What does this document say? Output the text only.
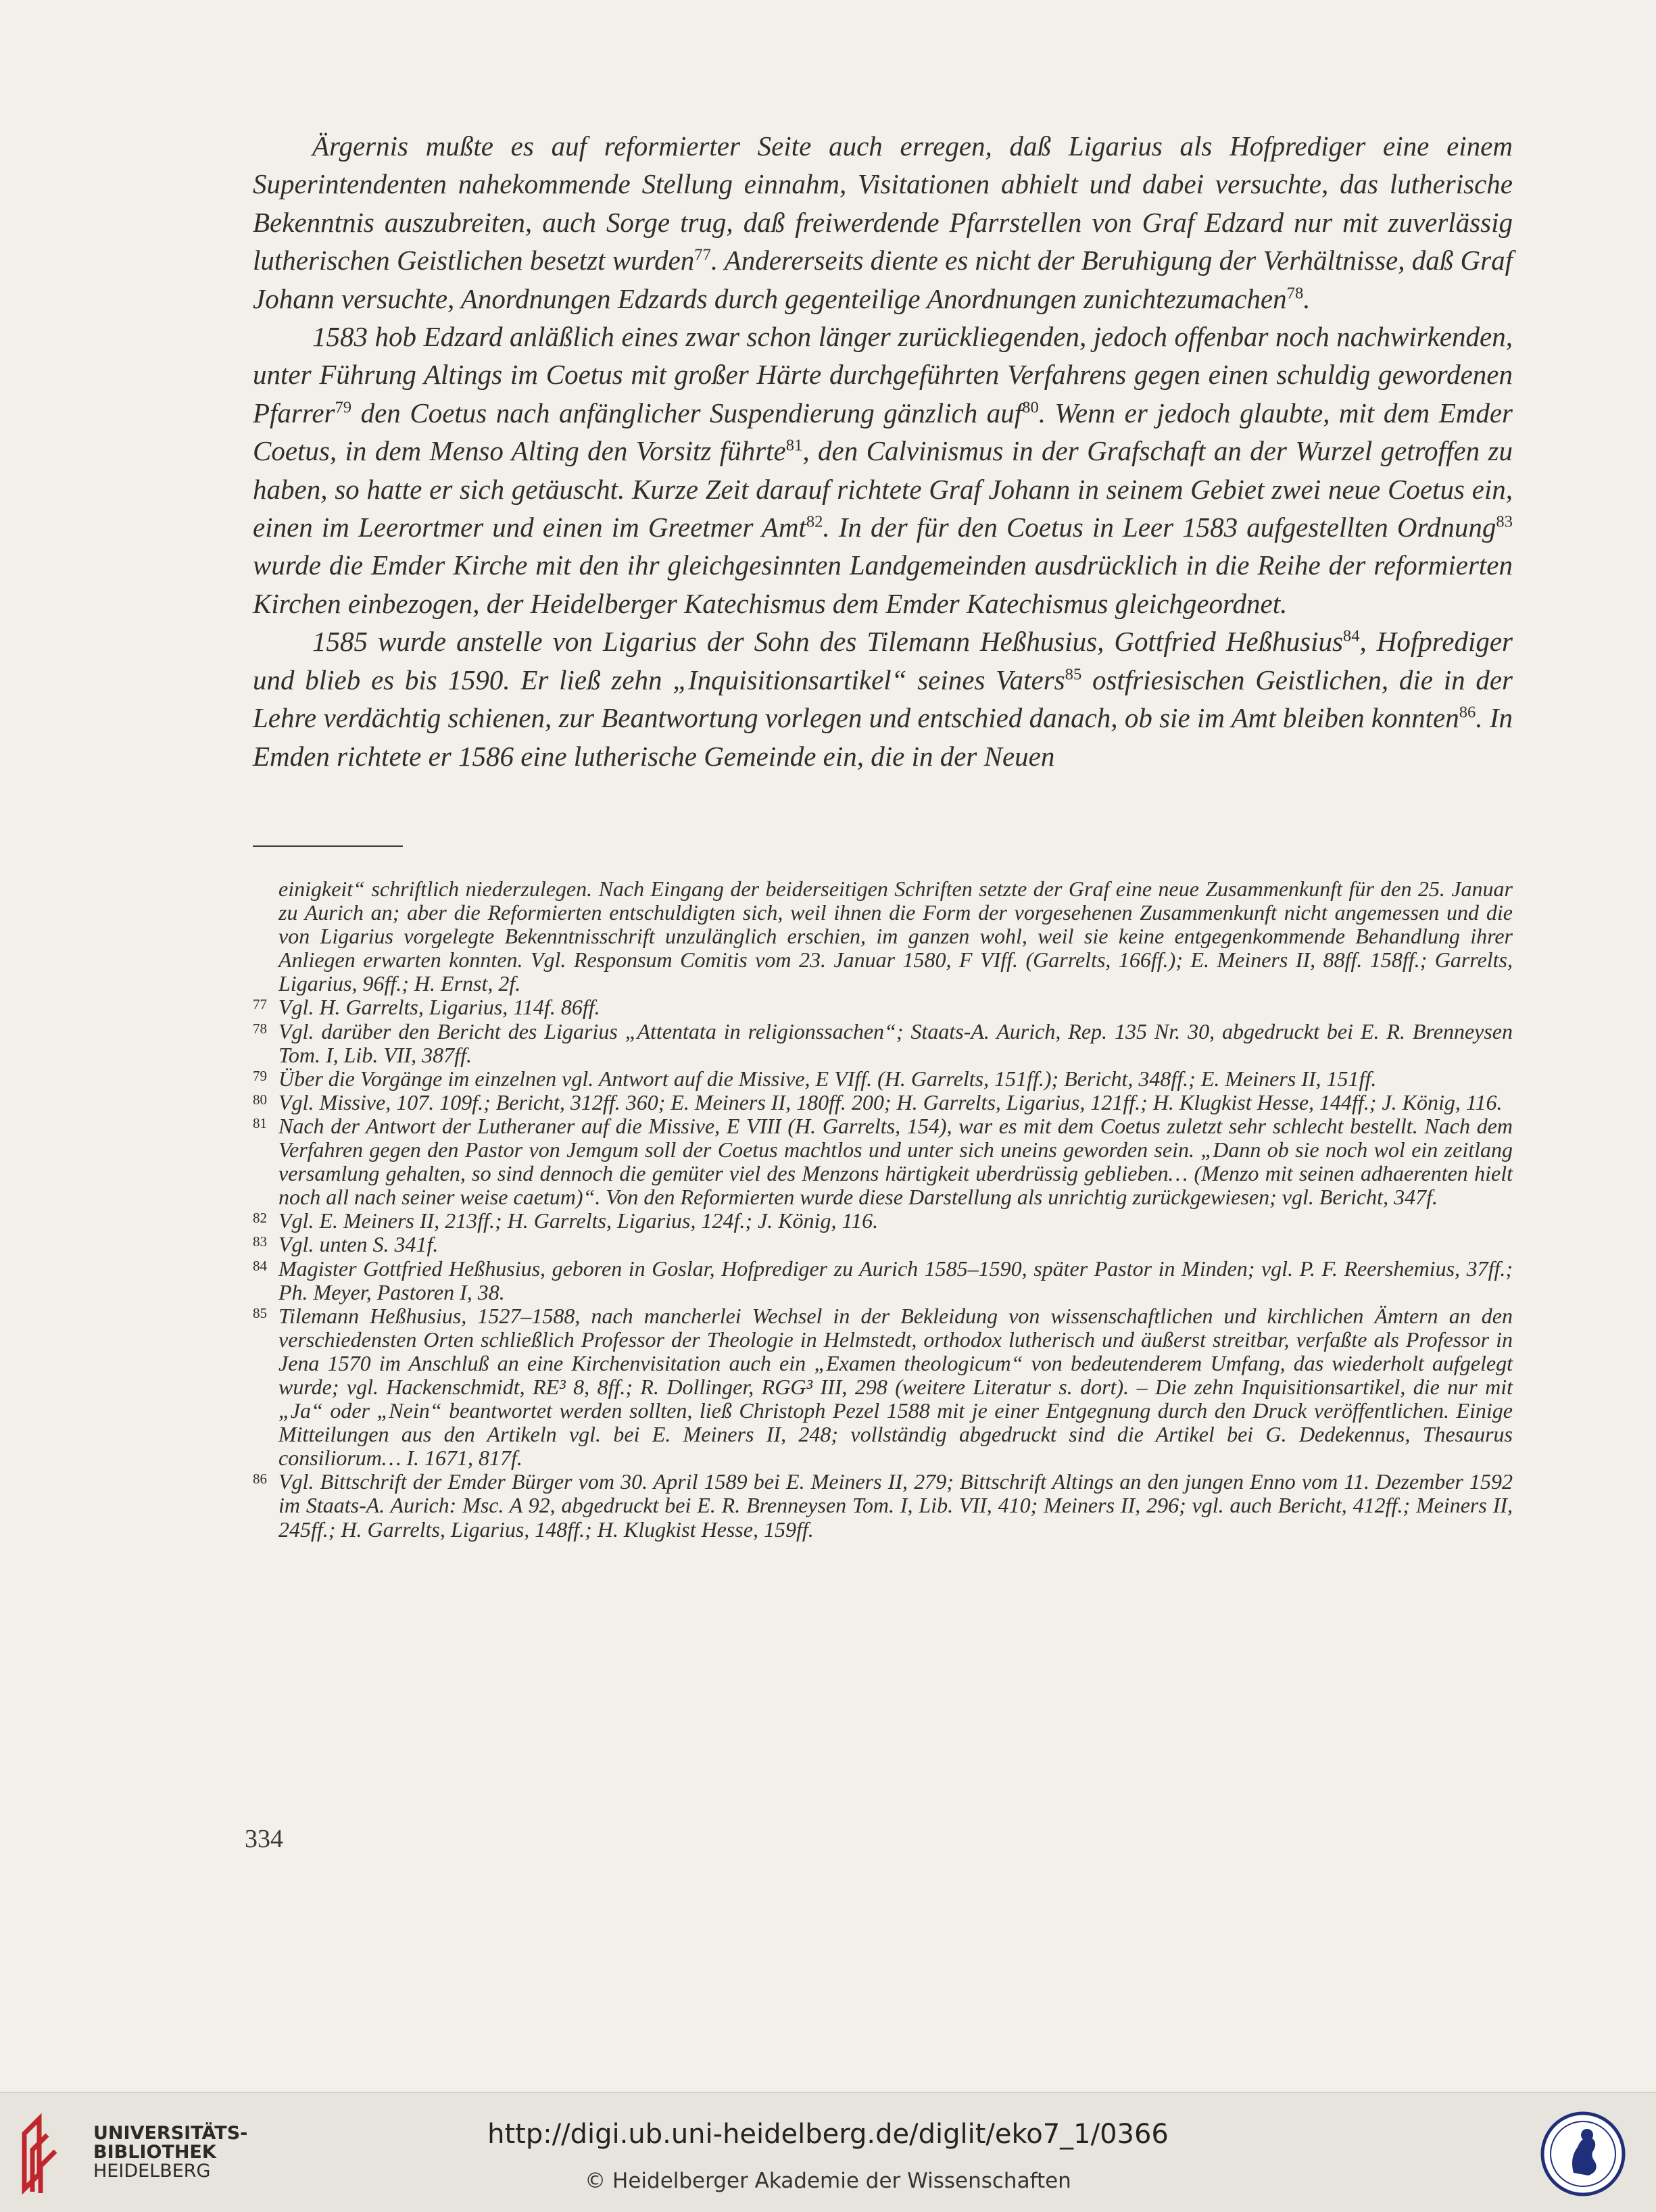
Ärgernis mußte es auf reformierter Seite auch erregen, daß Ligarius als Hofprediger eine einem Superintendenten nahekommende Stellung einnahm, Visitationen abhielt und dabei versuchte, das lutherische Bekenntnis auszubreiten, auch Sorge trug, daß freiwerdende Pfarrstellen von Graf Edzard nur mit zuverlässig lutherischen Geistlichen besetzt wurden$^{77}$. Andererseits diente es nicht der Beruhigung der Verhältnisse, daß Graf Johann versuchte, Anordnungen Edzards durch gegenteilige Anordnungen zunichtezumachen$^{78}$.

1583 hob Edzard anläßlich eines zwar schon länger zurückliegenden, jedoch offenbar noch nachwirkenden, unter Führung Altings im Coetus mit großer Härte durchgeführten Verfahrens gegen einen schuldig gewordenen Pfarrer$^{79}$ den Coetus nach anfänglicher Suspendierung gänzlich auf$^{80}$. Wenn er jedoch glaubte, mit dem Emder Coetus, in dem Menso Alting den Vorsitz führte$^{81}$, den Calvinismus in der Grafschaft an der Wurzel getroffen zu haben, so hatte er sich getäuscht. Kurze Zeit darauf richtete Graf Johann in seinem Gebiet zwei neue Coetus ein, einen im Leerortmer und einen im Greetmer Amt$^{82}$. In der für den Coetus in Leer 1583 aufgestellten Ordnung$^{83}$ wurde die Emder Kirche mit den ihr gleichgesinnten Landgemeinden ausdrücklich in die Reihe der reformierten Kirchen einbezogen, der Heidelberger Katechismus dem Emder Katechismus gleichgeordnet.

1585 wurde anstelle von Ligarius der Sohn des Tilemann Heßhusius, Gottfried Heßhusius$^{84}$, Hofprediger und blieb es bis 1590. Er ließ zehn „Inquisitionsartikel“ seines Vaters$^{85}$ ostfriesischen Geistlichen, die in der Lehre verdächtig schienen, zur Beantwortung vorlegen und entschied danach, ob sie im Amt bleiben konnten$^{86}$. In Emden richtete er 1586 eine lutherische Gemeinde ein, die in der Neuen

einigkeit“ schriftlich niederzulegen. Nach Eingang der beiderseitigen Schriften setzte der Graf eine neue Zusammenkunft für den 25. Januar zu Aurich an; aber die Reformierten entschuldigten sich, weil ihnen die Form der vorgesehenen Zusammenkunft nicht angemessen und die von Ligarius vorgelegte Bekenntnisschrift unzulänglich erschien, im ganzen wohl, weil sie keine entgegenkommende Behandlung ihrer Anliegen erwarten konnten. Vgl. Responsum Comitis vom 23. Januar 1580, F VIff. (Garrelts, 166ff.); E. Meiners II, 88ff. 158ff.; Garrelts, Ligarius, 96ff.; H. Ernst, 2f.

77 Vgl. H. Garrelts, Ligarius, 114f. 86ff.

78 Vgl. darüber den Bericht des Ligarius „Attentata in religionssachen“; Staats-A. Aurich, Rep. 135 Nr. 30, abgedruckt bei E. R. Brenneysen Tom. I, Lib. VII, 387ff.

79 Über die Vorgänge im einzelnen vgl. Antwort auf die Missive, E VIff. (H. Garrelts, 151ff.); Bericht, 348ff.; E. Meiners II, 151ff.

80 Vgl. Missive, 107. 109f.; Bericht, 312ff. 360; E. Meiners II, 180ff. 200; H. Garrelts, Ligarius, 121ff.; H. Klugkist Hesse, 144ff.; J. König, 116.

81 Nach der Antwort der Lutheraner auf die Missive, E VIII (H. Garrelts, 154), war es mit dem Coetus zuletzt sehr schlecht bestellt. Nach dem Verfahren gegen den Pastor von Jemgum soll der Coetus machtlos und unter sich uneins geworden sein. „Dann ob sie noch wol ein zeitlang versamlung gehalten, so sind dennoch die gemüter viel des Menzons härtigkeit uberdrüssig geblieben… (Menzo mit seinen adhaerenten hielt noch all nach seiner weise caetum)“. Von den Reformierten wurde diese Darstellung als unrichtig zurückgewiesen; vgl. Bericht, 347f.

82 Vgl. E. Meiners II, 213ff.; H. Garrelts, Ligarius, 124f.; J. König, 116.

83 Vgl. unten S. 341f.

84 Magister Gottfried Heßhusius, geboren in Goslar, Hofprediger zu Aurich 1585–1590, später Pastor in Minden; vgl. P. F. Reershemius, 37ff.; Ph. Meyer, Pastoren I, 38.

85 Tilemann Heßhusius, 1527–1588, nach mancherlei Wechsel in der Bekleidung von wissenschaftlichen und kirchlichen Ämtern an den verschiedensten Orten schließlich Professor der Theologie in Helmstedt, orthodox lutherisch und äußerst streitbar, verfaßte als Professor in Jena 1570 im Anschluß an eine Kirchenvisitation auch ein „Examen theologicum“ von bedeutenderem Umfang, das wiederholt aufgelegt wurde; vgl. Hackenschmidt, RE³ 8, 8ff.; R. Dollinger, RGG³ III, 298 (weitere Literatur s. dort). – Die zehn Inquisitionsartikel, die nur mit „Ja“ oder „Nein“ beantwortet werden sollten, ließ Christoph Pezel 1588 mit je einer Entgegnung durch den Druck veröffentlichen. Einige Mitteilungen aus den Artikeln vgl. bei E. Meiners II, 248; vollständig abgedruckt sind die Artikel bei G. Dedekennus, Thesaurus consiliorum… I. 1671, 817f.

86 Vgl. Bittschrift der Emder Bürger vom 30. April 1589 bei E. Meiners II, 279; Bittschrift Altings an den jungen Enno vom 11. Dezember 1592 im Staats-A. Aurich: Msc. A 92, abgedruckt bei E. R. Brenneysen Tom. I, Lib. VII, 410; Meiners II, 296; vgl. auch Bericht, 412ff.; Meiners II, 245ff.; H. Garrelts, Ligarius, 148ff.; H. Klugkist Hesse, 159ff.

334
UNIVERSITÄTS-
BIBLIOTHEK
HEIDELBERG
http://digi.ub.uni-heidelberg.de/diglit/eko7_1/0366
© Heidelberger Akademie der Wissenschaften
